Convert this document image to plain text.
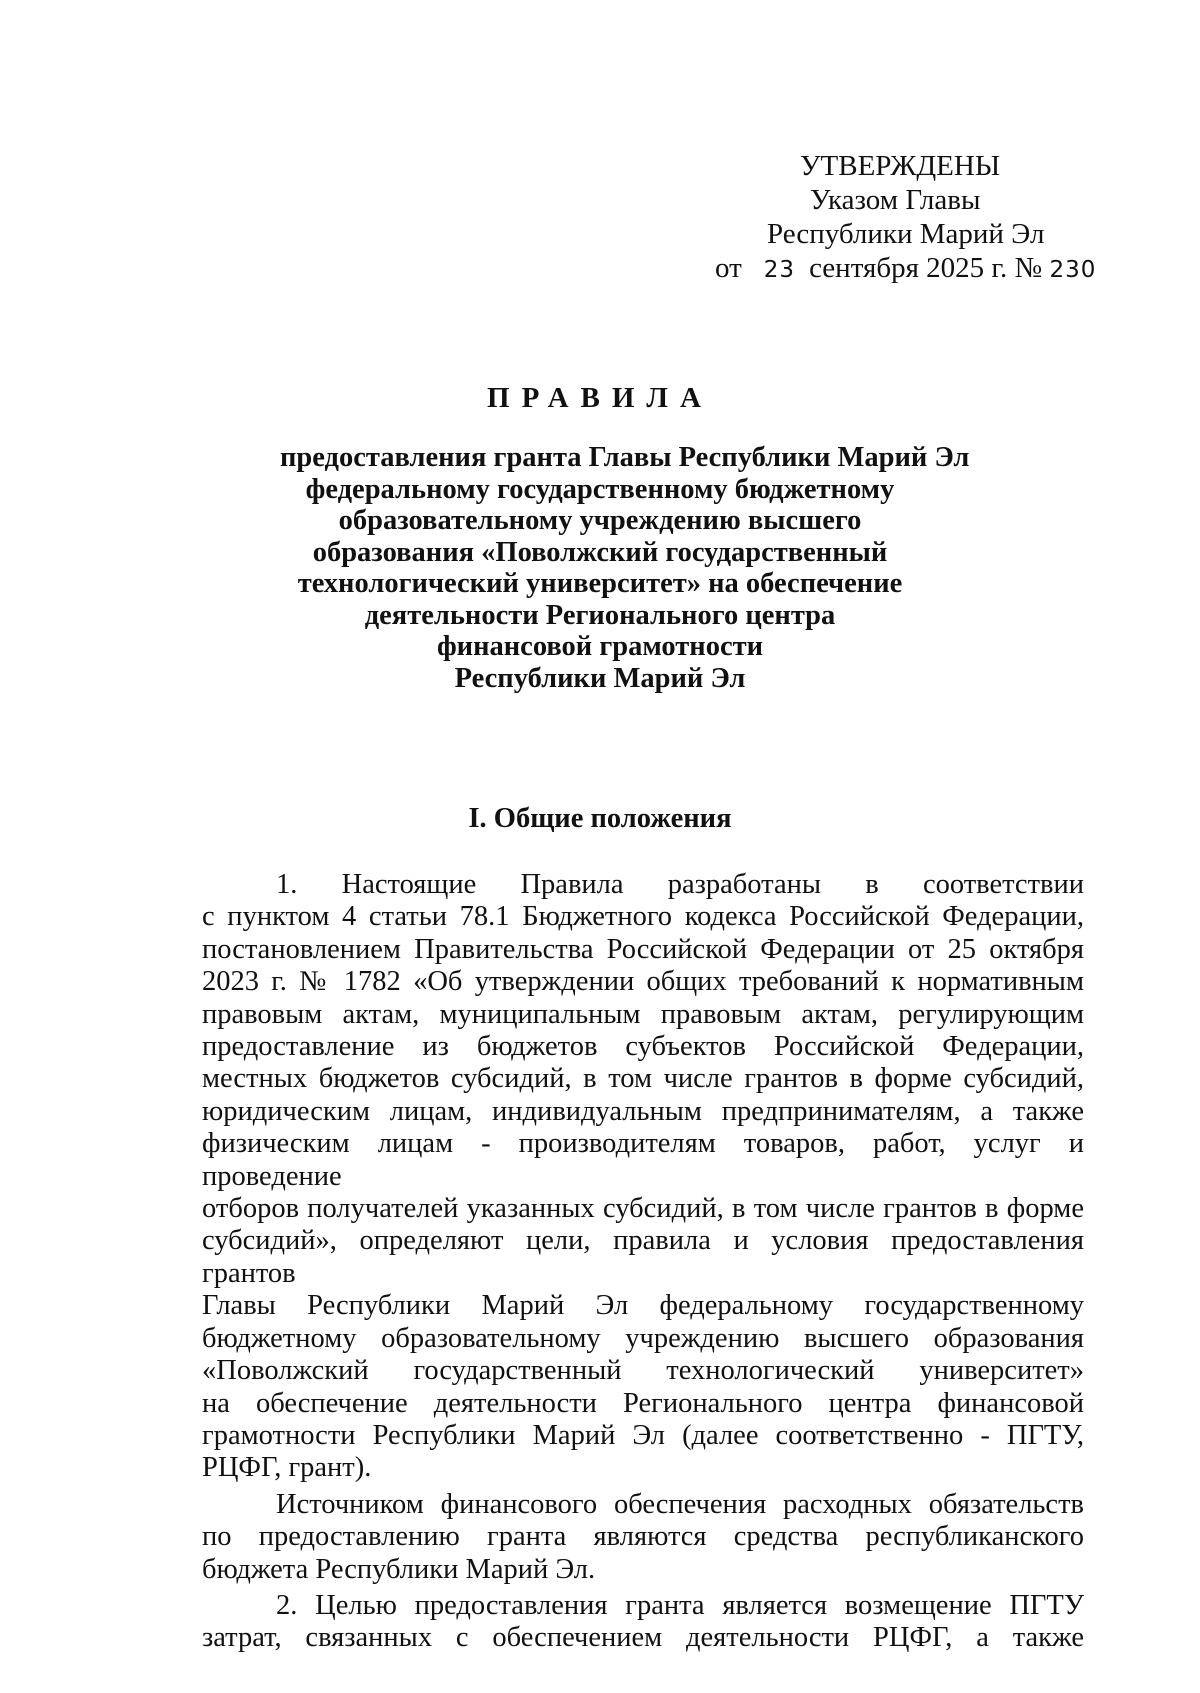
УТВЕРЖДЕНЫ
Указом Главы
Республики Марий Эл
от 23 сентября 2025 г. № 230
ПРАВИЛА
предоставления гранта Главы Республики Марий Эл
федеральному государственному бюджетному
образовательному учреждению высшего
образования «Поволжский государственный
технологический университет» на обеспечение
деятельности Регионального центра
финансовой грамотности
Республики Марий Эл
I. Общие положения

1. Настоящие Правила разработаны в соответствии

с пунктом 4 статьи 78.1 Бюджетного кодекса Российской Федерации,

постановлением Правительства Российской Федерации от 25 октября

2023 г. № 1782 «Об утверждении общих требований к нормативным

правовым актам, муниципальным правовым актам, регулирующим

предоставление из бюджетов субъектов Российской Федерации,

местных бюджетов субсидий, в том числе грантов в форме субсидий,

юридическим лицам, индивидуальным предпринимателям, а также

физическим лицам - производителям товаров, работ, услуг и проведение

отборов получателей указанных субсидий, в том числе грантов в форме

субсидий», определяют цели, правила и условия предоставления грантов

Главы Республики Марий Эл федеральному государственному

бюджетному образовательному учреждению высшего образования

«Поволжский государственный технологический университет»

на обеспечение деятельности Регионального центра финансовой

грамотности Республики Марий Эл (далее соответственно - ПГТУ,

РЦФГ, грант).

Источником финансового обеспечения расходных обязательств

по предоставлению гранта являются средства республиканского

бюджета Республики Марий Эл.

2. Целью предоставления гранта является возмещение ПГТУ

затрат, связанных с обеспечением деятельности РЦФГ, а также
